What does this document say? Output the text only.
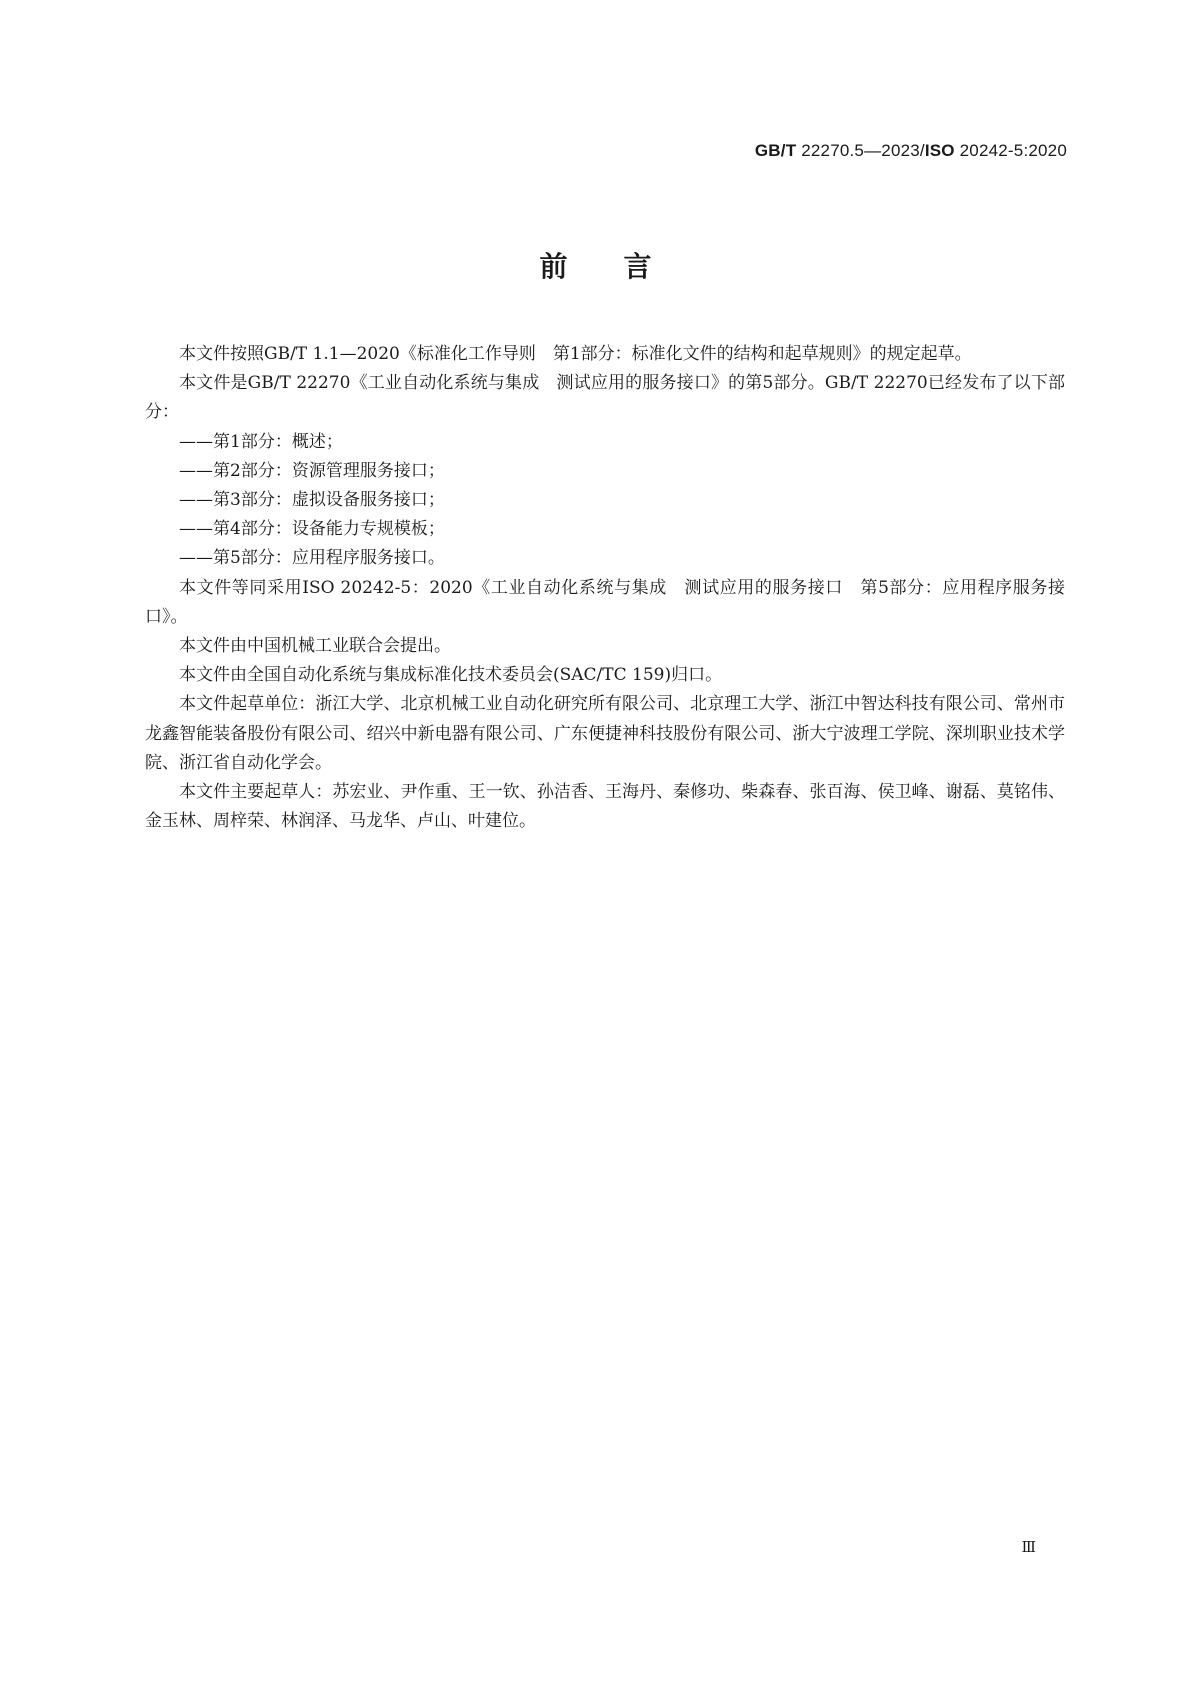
GB/T 22270.5—2023/ISO 20242-5:2020
前言

本文件按照GB/T 1.1—2020《标准化工作导则　第1部分：标准化文件的结构和起草规则》的规定起草。

本文件是GB/T 22270《工业自动化系统与集成　测试应用的服务接口》的第5部分。GB/T 22270已经发布了以下部分：

——第1部分：概述；
——第2部分：资源管理服务接口；
——第3部分：虚拟设备服务接口；
——第4部分：设备能力专规模板；
——第5部分：应用程序服务接口。

本文件等同采用ISO 20242-5：2020《工业自动化系统与集成　测试应用的服务接口　第5部分：应用程序服务接口》。

本文件由中国机械工业联合会提出。

本文件由全国自动化系统与集成标准化技术委员会(SAC/TC 159)归口。

本文件起草单位：浙江大学、北京机械工业自动化研究所有限公司、北京理工大学、浙江中智达科技有限公司、常州市龙鑫智能装备股份有限公司、绍兴中新电器有限公司、广东便捷神科技股份有限公司、浙大宁波理工学院、深圳职业技术学院、浙江省自动化学会。

本文件主要起草人：苏宏业、尹作重、王一钦、孙洁香、王海丹、秦修功、柴森春、张百海、侯卫峰、谢磊、莫铭伟、金玉林、周梓荣、林润泽、马龙华、卢山、叶建位。

Ⅲ
